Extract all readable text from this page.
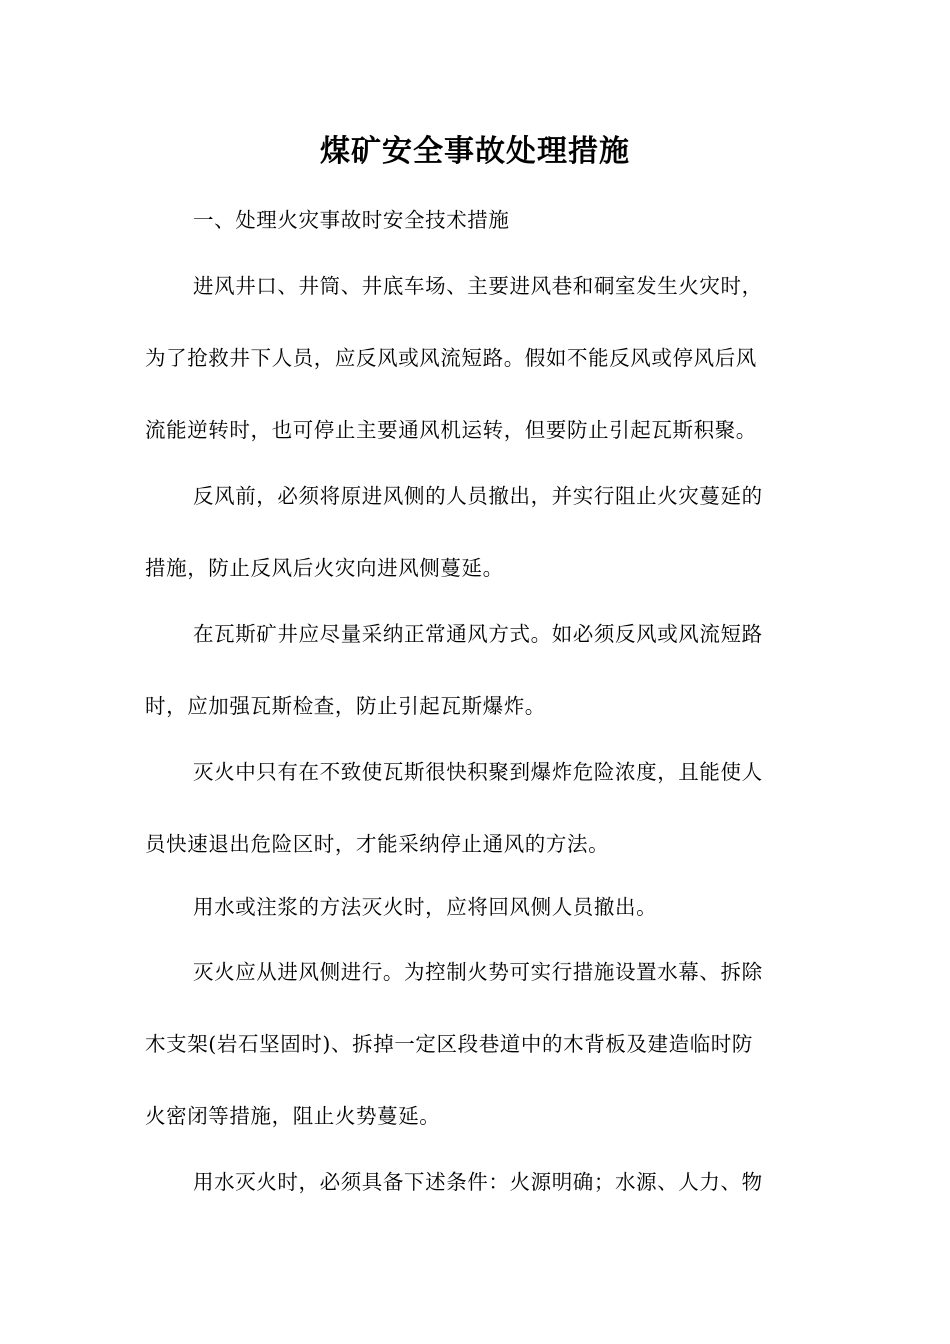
煤矿安全事故处理措施
一、处理火灾事故时安全技术措施
进风井口、井筒、井底车场、主要进风巷和硐室发生火灾时，
为了抢救井下人员，应反风或风流短路。假如不能反风或停风后风
流能逆转时，也可停止主要通风机运转，但要防止引起瓦斯积聚。
反风前，必须将原进风侧的人员撤出，并实行阻止火灾蔓延的
措施，防止反风后火灾向进风侧蔓延。
在瓦斯矿井应尽量采纳正常通风方式。如必须反风或风流短路
时，应加强瓦斯检查，防止引起瓦斯爆炸。
灭火中只有在不致使瓦斯很快积聚到爆炸危险浓度，且能使人
员快速退出危险区时，才能采纳停止通风的方法。
用水或注浆的方法灭火时，应将回风侧人员撤出。
灭火应从进风侧进行。为控制火势可实行措施设置水幕、拆除
木支架(岩石坚固时)、拆掉一定区段巷道中的木背板及建造临时防
火密闭等措施，阻止火势蔓延。
用水灭火时，必须具备下述条件：火源明确；水源、人力、物
